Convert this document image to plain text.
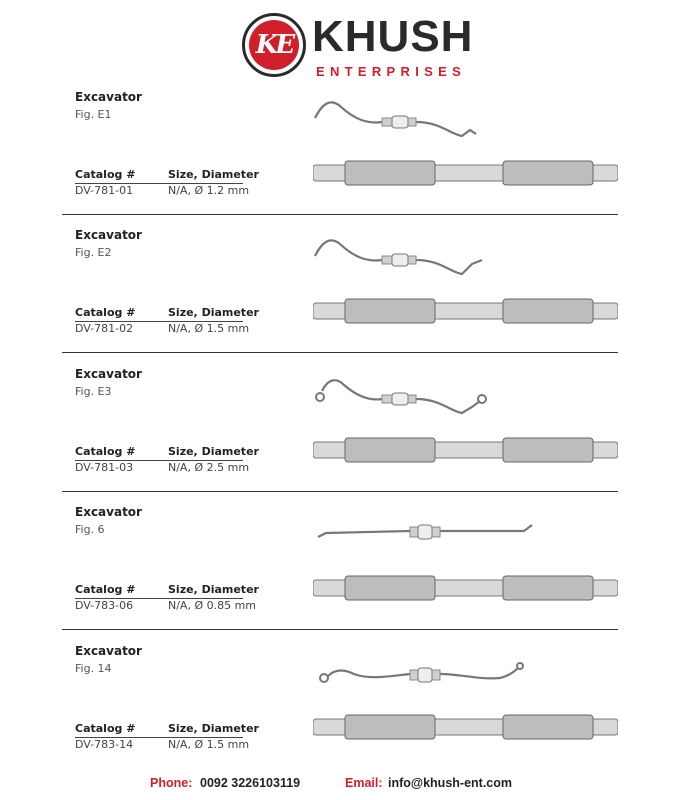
KE KHUSH
ENTERPRISES
Excavator
Fig. E1
Catalog #	Size, Diameter
DV-781-01	N/A, Ø 1.2 mm
Excavator
Fig. E2
Catalog #	Size, Diameter
DV-781-02	N/A, Ø 1.5 mm
Excavator
Fig. E3
Catalog #	Size, Diameter
DV-781-03	N/A, Ø 2.5 mm
Excavator
Fig. 6
Catalog #	Size, Diameter
DV-783-06	N/A, Ø 0.85 mm
Excavator
Fig. 14
Catalog #	Size, Diameter
DV-783-14	N/A, Ø 1.5 mm
Phone: 0092 3226103119	Email: info@khush-ent.com
